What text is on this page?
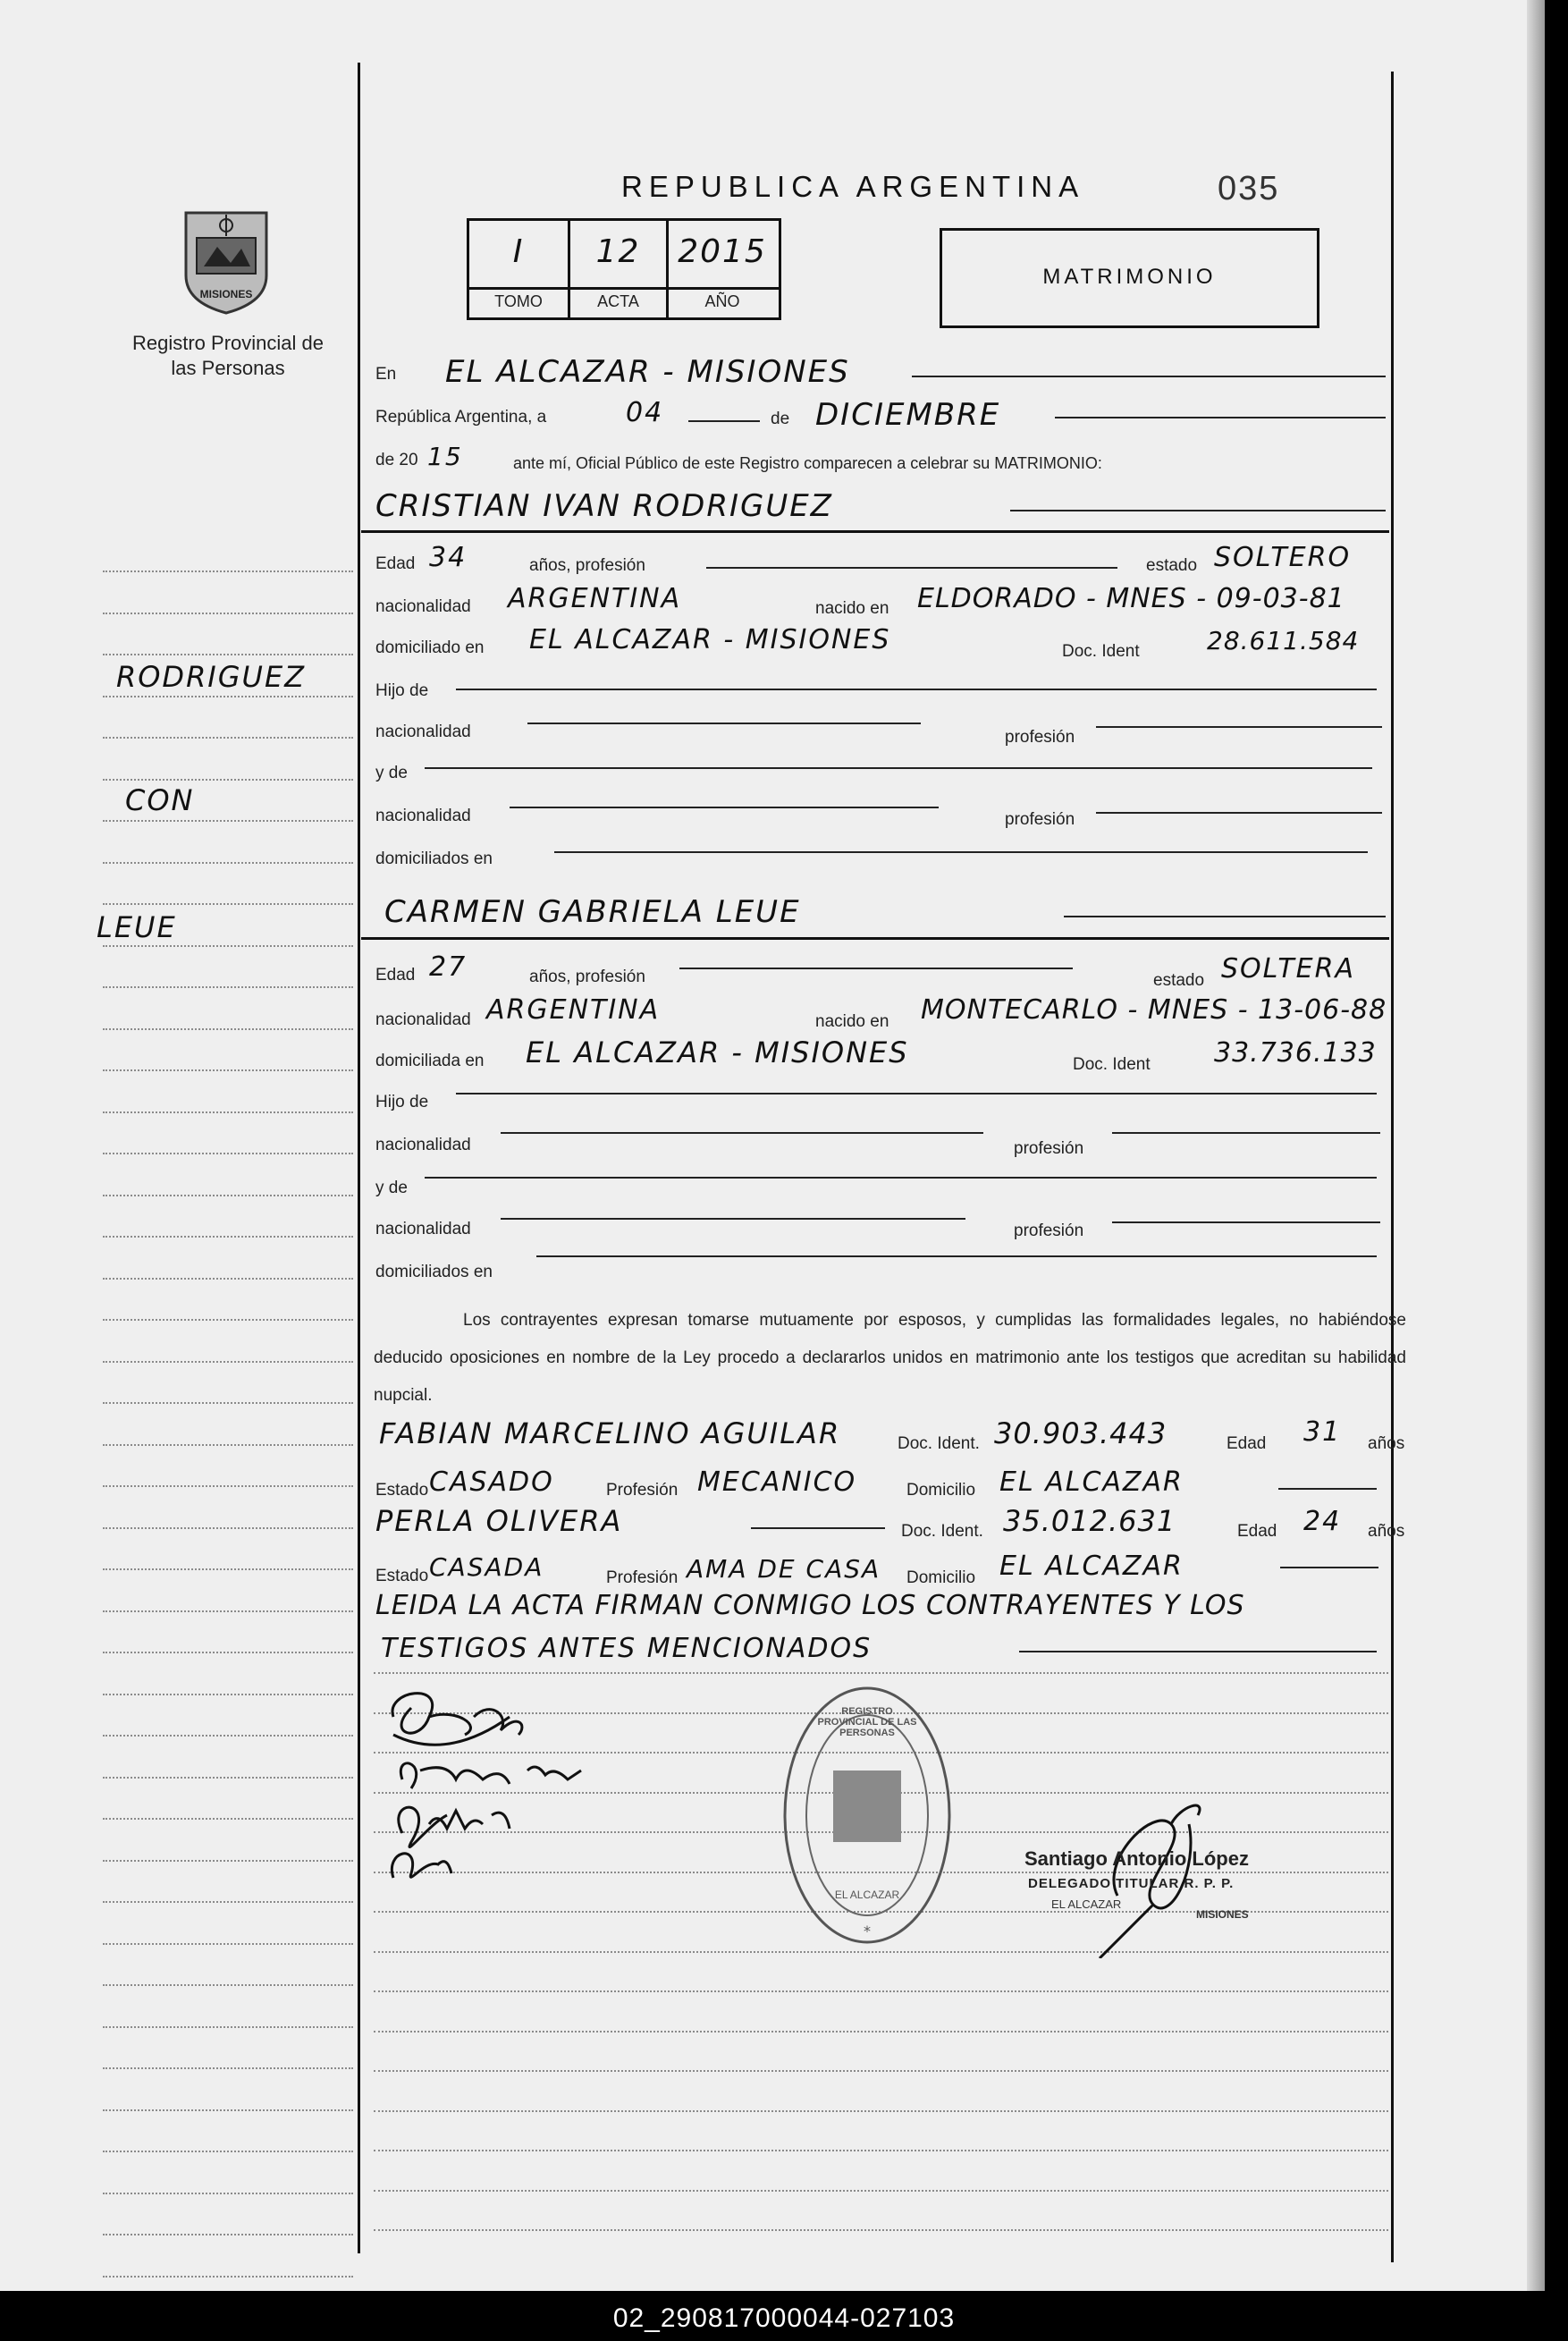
REPUBLICA ARGENTINA	035
MISIONES
Registro Provincial de las Personas
I	12	2015
TOMO	ACTA	AÑO
MATRIMONIO
RODRIGUEZ
CON
LEUE
En EL ALCAZAR - MISIONES
República Argentina, a	04	de DICIEMBRE
de 20 15	ante mí, Oficial Público de este Registro comparecen a celebrar su MATRIMONIO:
CRISTIAN IVAN RODRIGUEZ
Edad 34	años, profesión	estado SOLTERO
nacionalidad ARGENTINA	nacido en ELDORADO - MNES - 09-03-81
domiciliado en EL ALCAZAR - MISIONES	Doc. Ident	28.611.584
Hijo de
nacionalidad	profesión
y de
nacionalidad	profesión
domiciliados en
CARMEN GABRIELA LEUE
Edad 27	años, profesión	estado SOLTERA
nacionalidad ARGENTINA	nacido en MONTECARLO - MNES - 13-06-88
domiciliada en EL ALCAZAR - MISIONES	Doc. Ident 33.736.133
Hijo de
nacionalidad	profesión
y de
nacionalidad	profesión
domiciliados en
Los contrayentes expresan tomarse mutuamente por esposos, y cumplidas las formalidades legales, no habiéndose deducido oposiciones en nombre de la Ley procedo a declararlos unidos en matrimonio ante los testigos que acreditan su habilidad nupcial.
FABIAN MARCELINO AGUILAR	Doc. Ident. 30.903.443	Edad 31 años
Estado CASADO	Profesión MECANICO	Domicilio EL ALCAZAR
PERLA OLIVERA	Doc. Ident. 35.012.631	Edad 24 años
Estado CASADA	Profesión AMA DE CASA Domicilio EL ALCAZAR
LEIDA LA ACTA FIRMAN CONMIGO LOS CONTRAYENTES Y LOS
TESTIGOS ANTES MENCIONADOS
*
REGISTRO PROVINCIAL DE LAS PERSONAS
EL ALCAZAR
Santiago Antonio López
DELEGADO TITULAR R. P. P.
EL ALCAZAR
MISIONES
02_290817000044-027103
